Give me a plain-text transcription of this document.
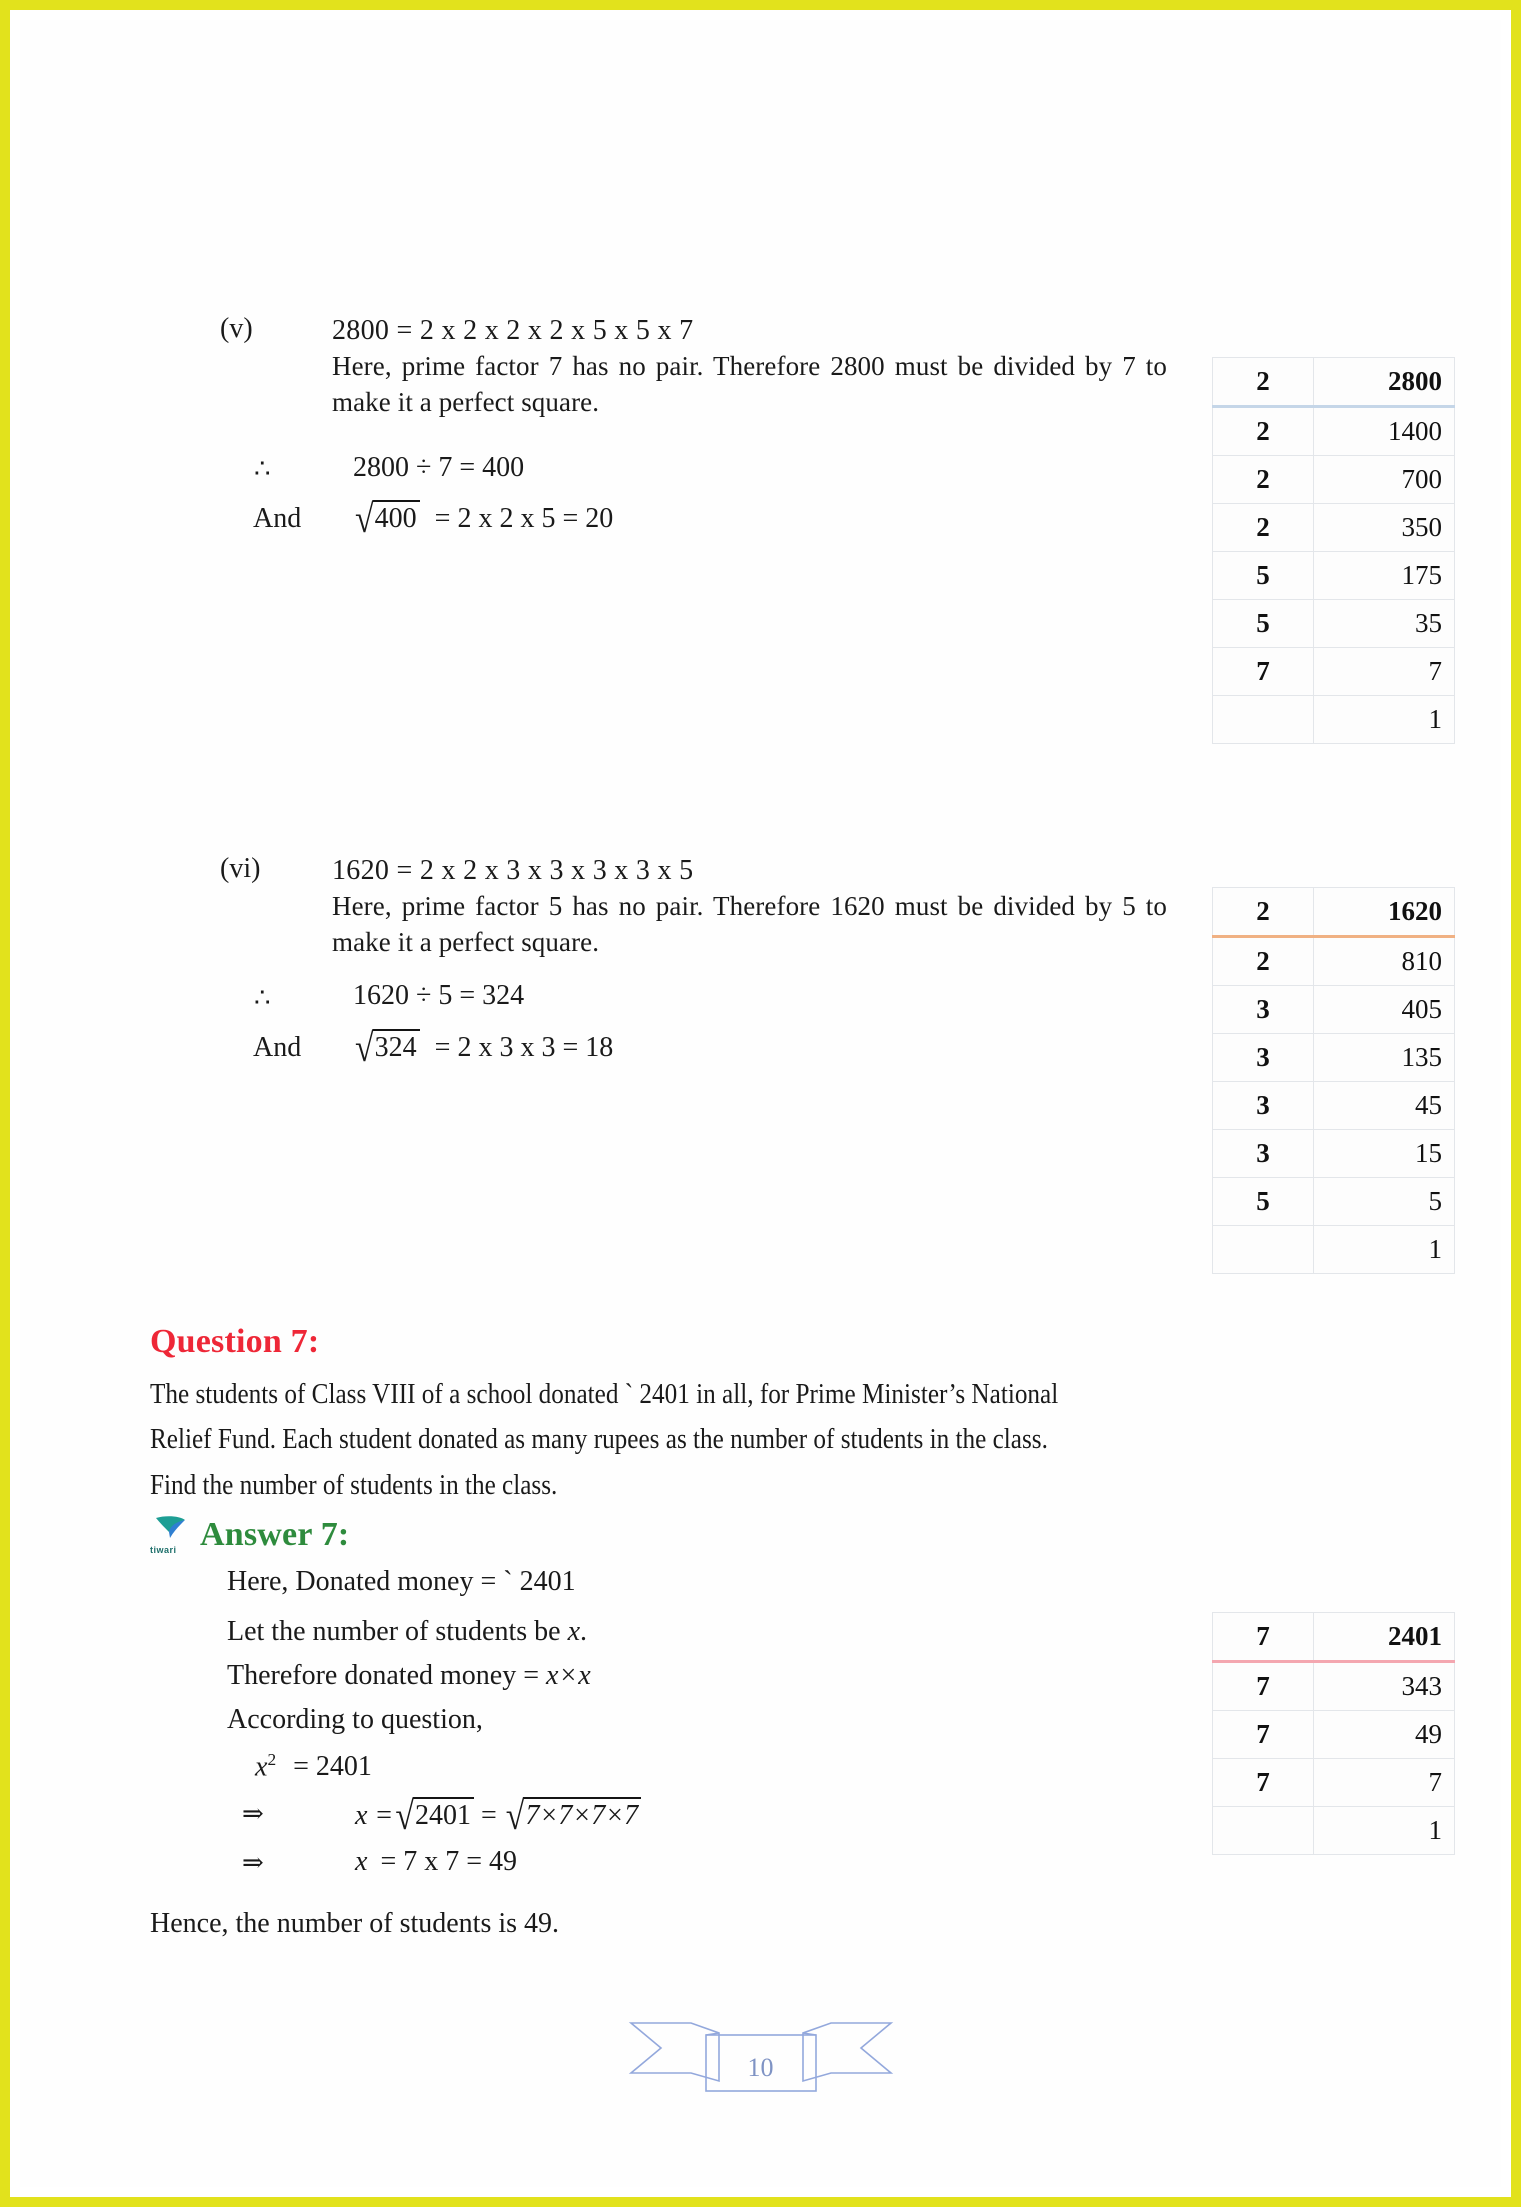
(v)	2800 = 2 x 2 x 2 x 2 x 5 x 5 x 7
Here, prime factor 7 has no pair. Therefore 2800 must be divided by 7 to make it a perfect square.
∴	2800 ÷ 7 = 400
And √400 = 2 x 2 x 5 = 20
2	2800
2	1400
2	700
2	350
5	175
5	35
7	7
	1
(vi)	1620 = 2 x 2 x 3 x 3 x 3 x 3 x 5
Here, prime factor 5 has no pair. Therefore 1620 must be divided by 5 to make it a perfect square.
∴	1620 ÷ 5 = 324
And √324 = 2 x 3 x 3 = 18
2	1620
2	810
3	405
3	135
3	45
3	15
5	5
	1
Question 7:

The students of Class VIII of a school donated ` 2401 in all, for Prime Minister’s National

Relief Fund. Each student donated as many rupees as the number of students in the class.

Find the number of students in the class.

tiwari Answer 7:
Here, Donated money = ` 2401
Let the number of students be x.
Therefore donated money = x×x
According to question,
$x^2 = 2401$
⇒	x =√2401 = √7×7×7×7
⇒	x = 7 x 7 = 49
7	2401
7	343
7	49
7	7
	1
Hence, the number of students is 49.
10
